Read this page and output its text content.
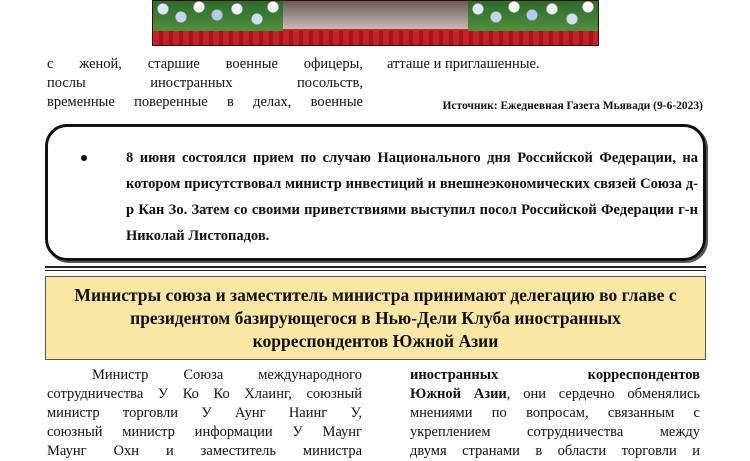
с женой, старшие военные офицеры,
послы иностранных посольств,
временные поверенные в делах, военные
атташе и приглашенные.
Источник: Ежедневная Газета Мьявади (9-6-2023)

8 июня состоялся прием по случаю Национального дня Российской Федерации, на котором присутствовал министр инвестиций и внешнеэкономических связей Союза д-р Кан Зо. Затем со своими приветствиями выступил посол Российской Федерации г-н Николай Листопадов.

Министры союза и заместитель министра принимают делегацию во главе с
президентом базирующегося в Нью-Дели Клуба иностранных
корреспондентов Южной Азии

Министр Союза международного
сотрудничества У Ко Ко Хлаинг, союзный
министр торговли У Аунг Наинг У,
союзный министр информации У Маунг
Маунг Охн и заместитель министра
иностранных корреспондентов
Южной Азии, они сердечно обменялись
мнениями по вопросам, связанным с
укреплением сотрудничества между
двумя странами в области торговли и
